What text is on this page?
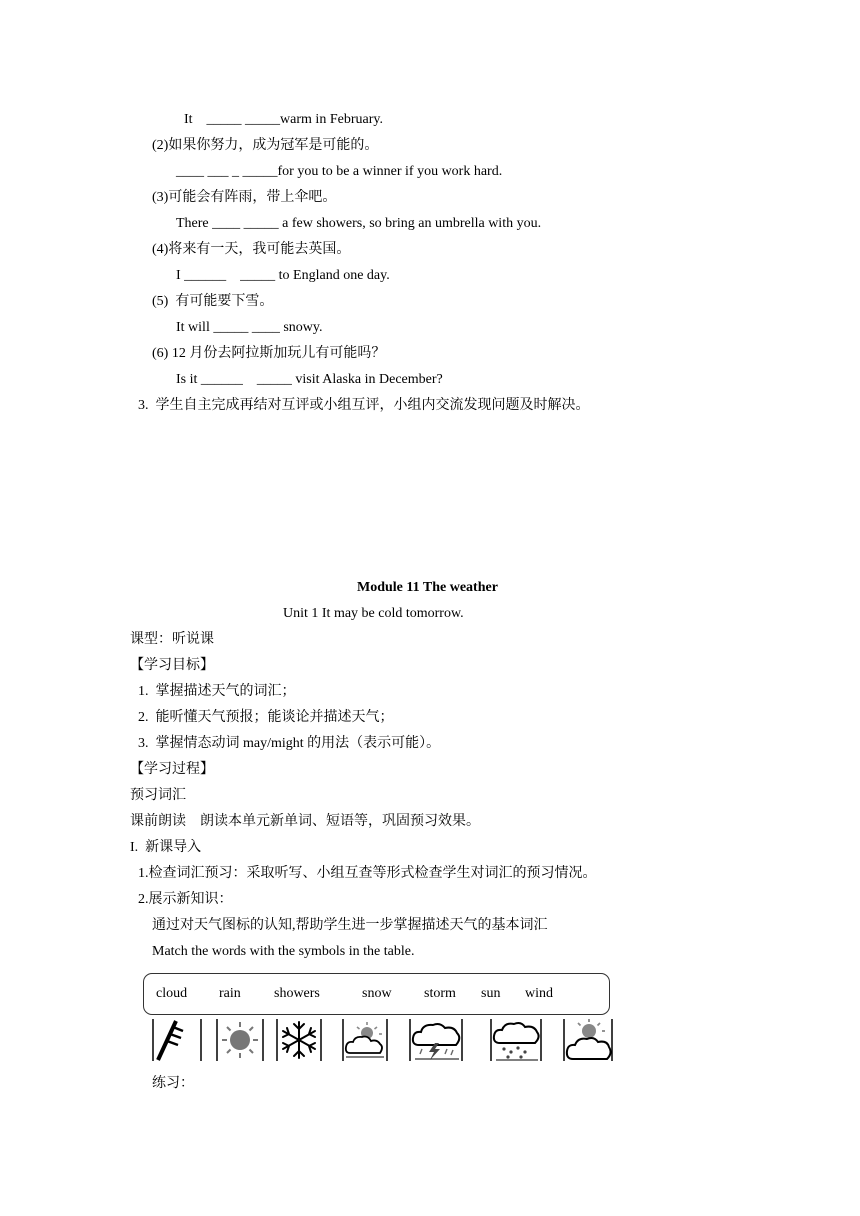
It    _____ _____warm in February.
(2)如果你努力，成为冠军是可能的。
____ ___ _ _____for you to be a winner if you work hard.
(3)可能会有阵雨，带上伞吧。
There ____ _____ a few showers, so bring an umbrella with you.
(4)将来有一天，我可能去英国。
I ______    _____ to England one day.
(5)  有可能要下雪。
It will _____ ____ snowy.
(6) 12 月份去阿拉斯加玩儿有可能吗？
Is it ______    _____ visit Alaska in December?
3.  学生自主完成再结对互评或小组互评，小组内交流发现问题及时解决。
Module 11 The weather
Unit 1 It may be cold tomorrow.
课型：听说课
【学习目标】
1.  掌握描述天气的词汇；
2.  能听懂天气预报；能谈论并描述天气；
3.  掌握情态动词 may/might 的用法（表示可能）。
【学习过程】
预习词汇
课前朗读    朗读本单元新单词、短语等，巩固预习效果。
I.  新课导入
1.检查词汇预习：采取听写、小组互查等形式检查学生对词汇的预习情况。
2.展示新知识：
通过对天气图标的认知,帮助学生进一步掌握描述天气的基本词汇
Match the words with the symbols in the table.
cloud rain showers	snow storm sun wind
练习：
